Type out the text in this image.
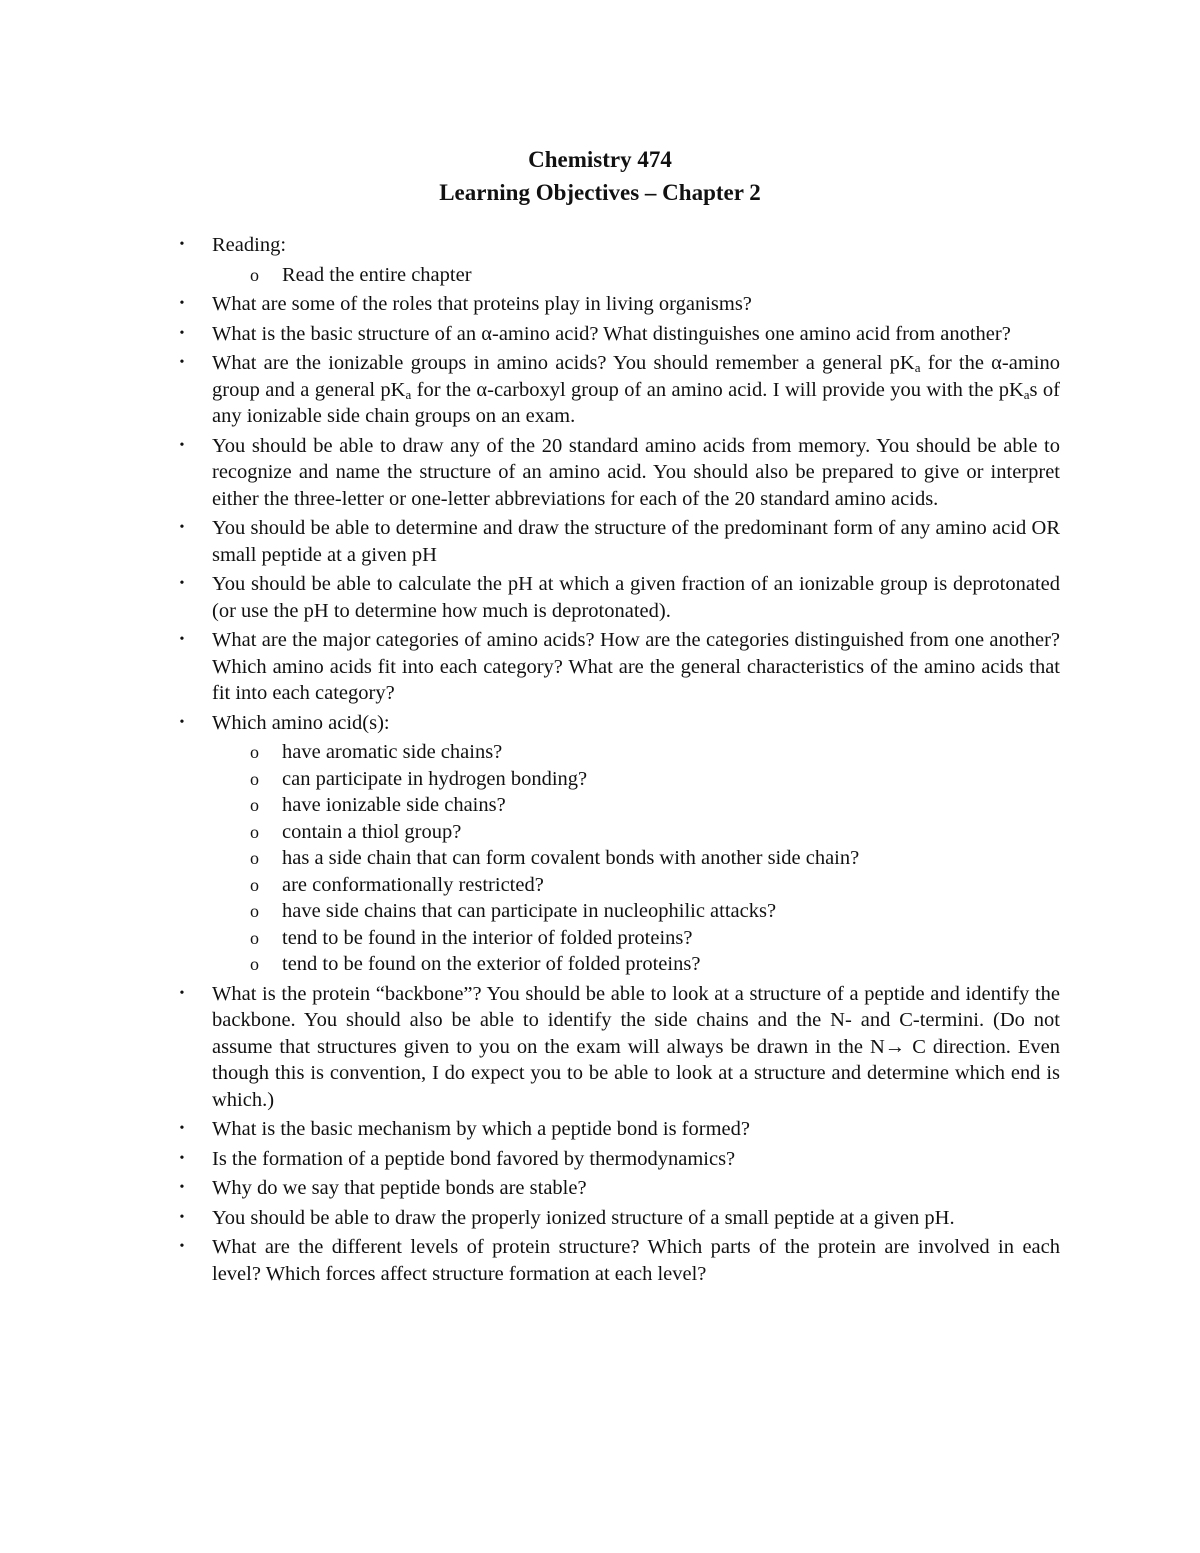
Chemistry 474
Learning Objectives – Chapter 2
• Reading:
o Read the entire chapter
• What are some of the roles that proteins play in living organisms?
• What is the basic structure of an α-amino acid? What distinguishes one amino acid from another?
• What are the ionizable groups in amino acids? You should remember a general $pK_a$ for the α-amino group and a general $pK_a$ for the α-carboxyl group of an amino acid. I will provide you with the $pK_as$ of any ionizable side chain groups on an exam.
• You should be able to draw any of the 20 standard amino acids from memory. You should be able to recognize and name the structure of an amino acid. You should also be prepared to give or interpret either the three-letter or one-letter abbreviations for each of the 20 standard amino acids.
• You should be able to determine and draw the structure of the predominant form of any amino acid OR small peptide at a given pH
• You should be able to calculate the pH at which a given fraction of an ionizable group is deprotonated (or use the pH to determine how much is deprotonated).
• What are the major categories of amino acids? How are the categories distinguished from one another? Which amino acids fit into each category? What are the general characteristics of the amino acids that fit into each category?
• Which amino acid(s):
o have aromatic side chains?
o can participate in hydrogen bonding?
o have ionizable side chains?
o contain a thiol group?
o has a side chain that can form covalent bonds with another side chain?
o are conformationally restricted?
o have side chains that can participate in nucleophilic attacks?
o tend to be found in the interior of folded proteins?
o tend to be found on the exterior of folded proteins?
• What is the protein “backbone”? You should be able to look at a structure of a peptide and identify the backbone. You should also be able to identify the side chains and the N- and C-termini. (Do not assume that structures given to you on the exam will always be drawn in the N→ C direction. Even though this is convention, I do expect you to be able to look at a structure and determine which end is which.)
• What is the basic mechanism by which a peptide bond is formed?
• Is the formation of a peptide bond favored by thermodynamics?
• Why do we say that peptide bonds are stable?
• You should be able to draw the properly ionized structure of a small peptide at a given pH.
• What are the different levels of protein structure? Which parts of the protein are involved in each level? Which forces affect structure formation at each level?
